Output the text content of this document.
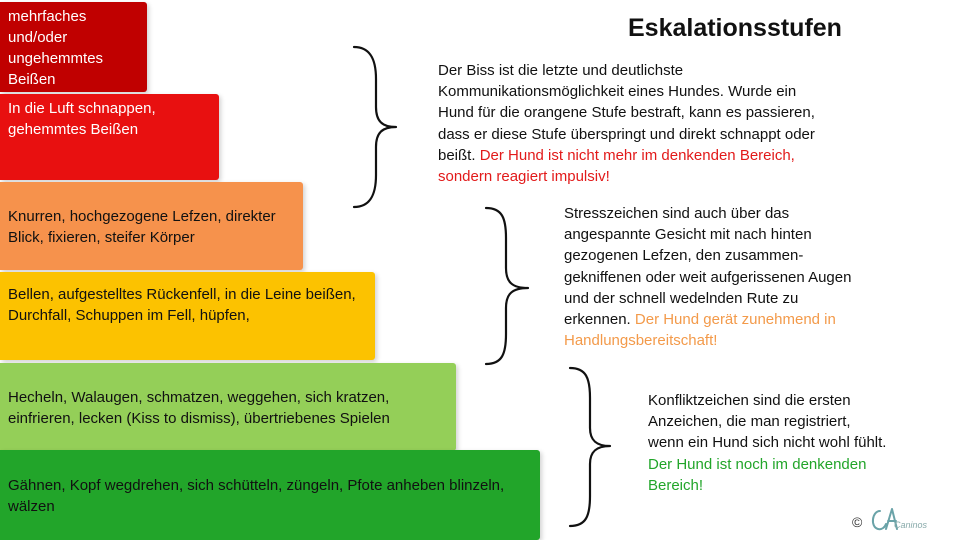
mehrfaches und/oder ungehemmtes Beißen
In die Luft schnappen, gehemmtes Beißen
Knurren, hochgezogene Lefzen, direkter Blick, fixieren, steifer Körper
Bellen, aufgestelltes Rückenfell, in die Leine beißen, Durchfall, Schuppen im Fell, hüpfen,
Hecheln, Walaugen, schmatzen, weggehen, sich kratzen, einfrieren, lecken (Kiss to dismiss), übertriebenes Spielen
Gähnen, Kopf wegdrehen, sich schütteln, züngeln, Pfote anheben blinzeln, wälzen
Eskalationsstufen
Der Biss ist die letzte und deutlichste Kommunikationsmöglichkeit eines Hundes. Wurde ein Hund für die orangene Stufe bestraft, kann es passieren, dass er diese Stufe überspringt und direkt schnappt oder beißt. Der Hund ist nicht mehr im denkenden Bereich, sondern reagiert impulsiv!
Stresszeichen sind auch über das angespannte Gesicht mit nach hinten gezogenen Lefzen, den zusammen-gekniffenen oder weit aufgerissenen Augen und der schnell wedelnden Rute zu erkennen. Der Hund gerät zunehmend in Handlungsbereitschaft!
Konfliktzeichen sind die ersten Anzeichen, die man registriert, wenn ein Hund sich nicht wohl fühlt. Der Hund ist noch im denkenden Bereich!
©	Caninos
